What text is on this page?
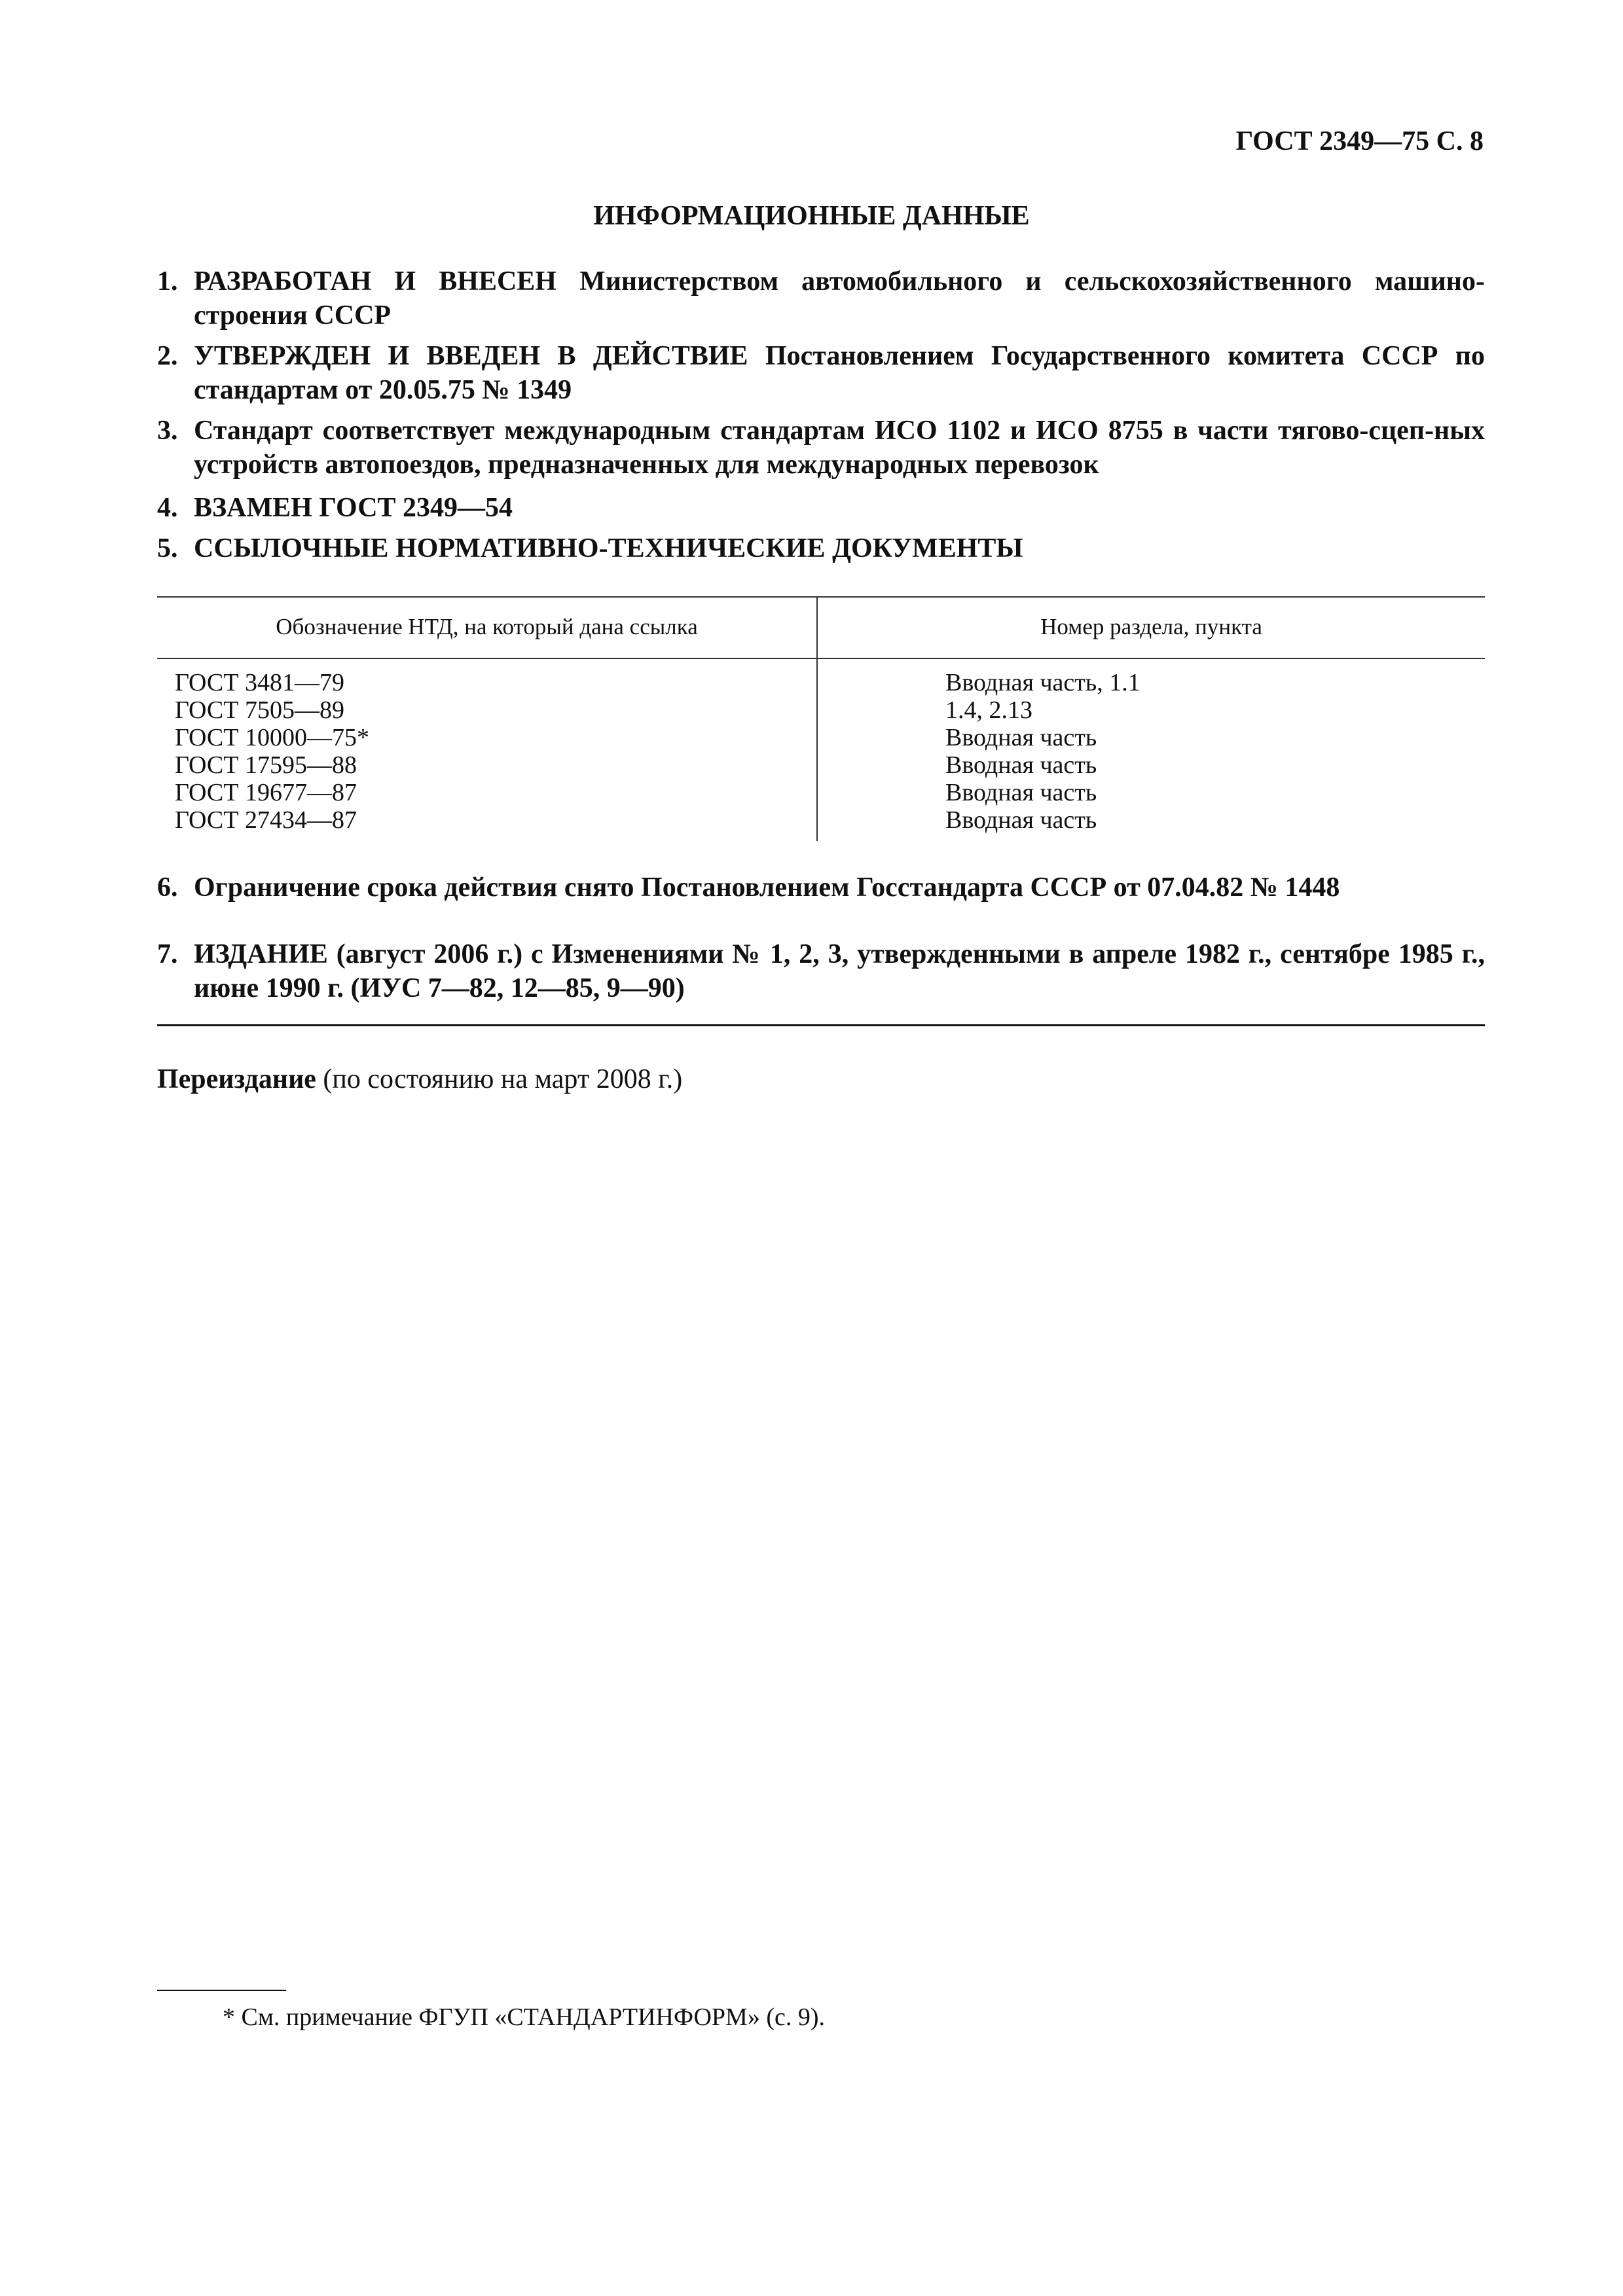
ГОСТ 2349—75 С. 8
ИНФОРМАЦИОННЫЕ ДАННЫЕ
1. РАЗРАБОТАН И ВНЕСЕН Министерством автомобильного и сельскохозяйственного машино-строения СССР
2. УТВЕРЖДЕН И ВВЕДЕН В ДЕЙСТВИЕ Постановлением Государственного комитета СССР по стандартам от 20.05.75 № 1349
3. Стандарт соответствует международным стандартам ИСО 1102 и ИСО 8755 в части тягово-сцеп-ных устройств автопоездов, предназначенных для международных перевозок
4. ВЗАМЕН ГОСТ 2349—54
5. ССЫЛОЧНЫЕ НОРМАТИВНО-ТЕХНИЧЕСКИЕ ДОКУМЕНТЫ
Обозначение НТД, на который дана ссылка	Номер раздела, пункта
ГОСТ 3481—79
ГОСТ 7505—89
ГОСТ 10000—75*
ГОСТ 17595—88
ГОСТ 19677—87
ГОСТ 27434—87
Вводная часть, 1.1
1.4, 2.13
Вводная часть
Вводная часть
Вводная часть
Вводная часть
6. Ограничение срока действия снято Постановлением Госстандарта СССР от 07.04.82 № 1448
7. ИЗДАНИЕ (август 2006 г.) с Изменениями № 1, 2, 3, утвержденными в апреле 1982 г., сентябре 1985 г., июне 1990 г. (ИУС 7—82, 12—85, 9—90)
Переиздание (по состоянию на март 2008 г.)
* См. примечание ФГУП «СТАНДАРТИНФОРМ» (с. 9).
